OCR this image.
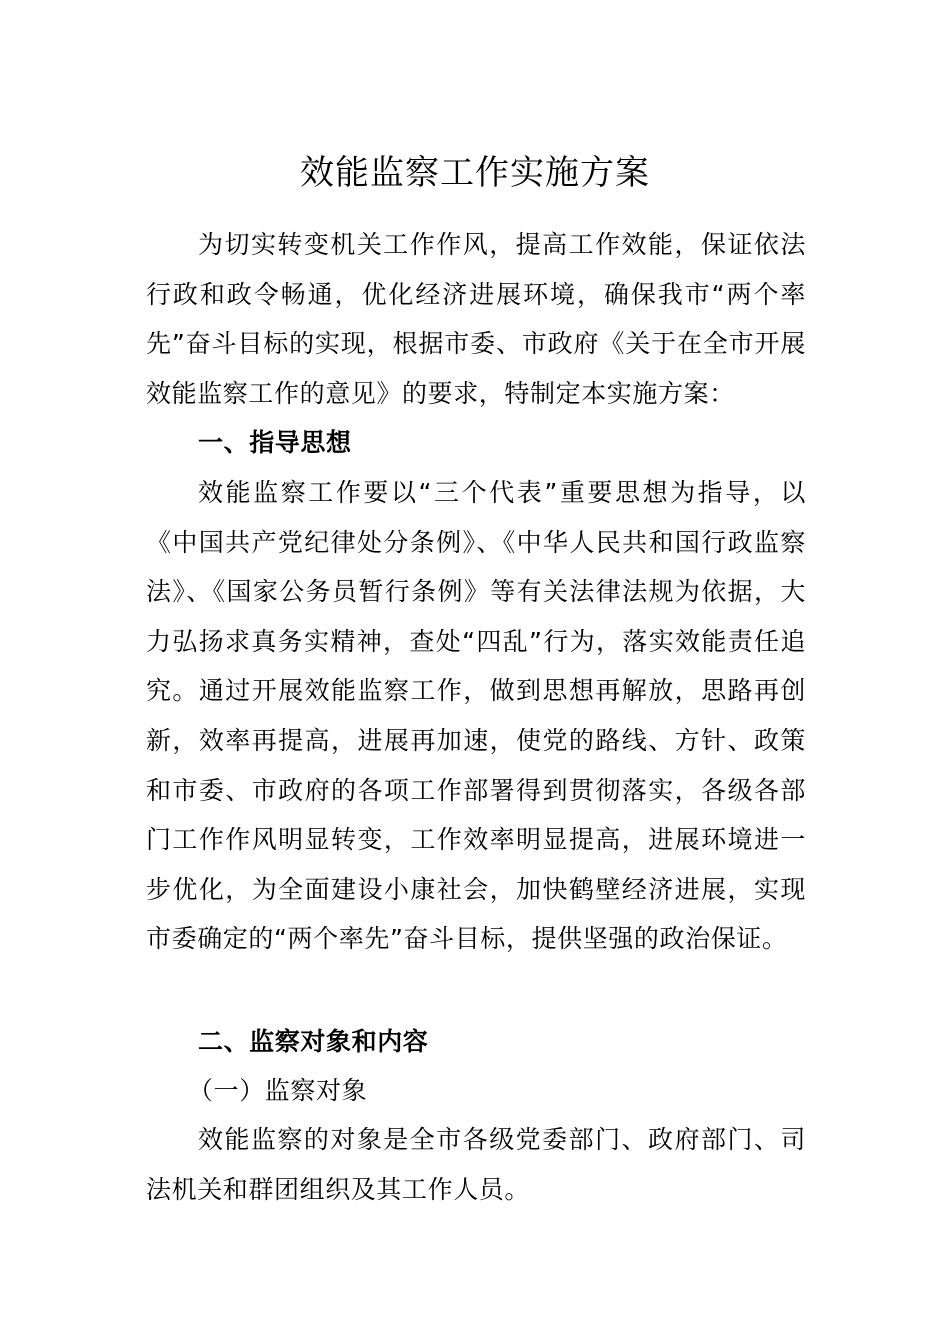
效能监察工作实施方案
为切实转变机关工作作风，提高工作效能，保证依法行政和政令畅通，优化经济进展环境，确保我市“两个率先”奋斗目标的实现，根据市委、市政府《关于在全市开展效能监察工作的意见》的要求，特制定本实施方案：
一、指导思想
效能监察工作要以“三个代表”重要思想为指导，以《中国共产党纪律处分条例》、《中华人民共和国行政监察法》、《国家公务员暂行条例》等有关法律法规为依据，大力弘扬求真务实精神，查处“四乱”行为，落实效能责任追究。通过开展效能监察工作，做到思想再解放，思路再创新，效率再提高，进展再加速，使党的路线、方针、政策和市委、市政府的各项工作部署得到贯彻落实，各级各部门工作作风明显转变，工作效率明显提高，进展环境进一步优化，为全面建设小康社会，加快鹤壁经济进展，实现市委确定的“两个率先”奋斗目标，提供坚强的政治保证。
二、监察对象和内容
（一）监察对象
效能监察的对象是全市各级党委部门、政府部门、司法机关和群团组织及其工作人员。
